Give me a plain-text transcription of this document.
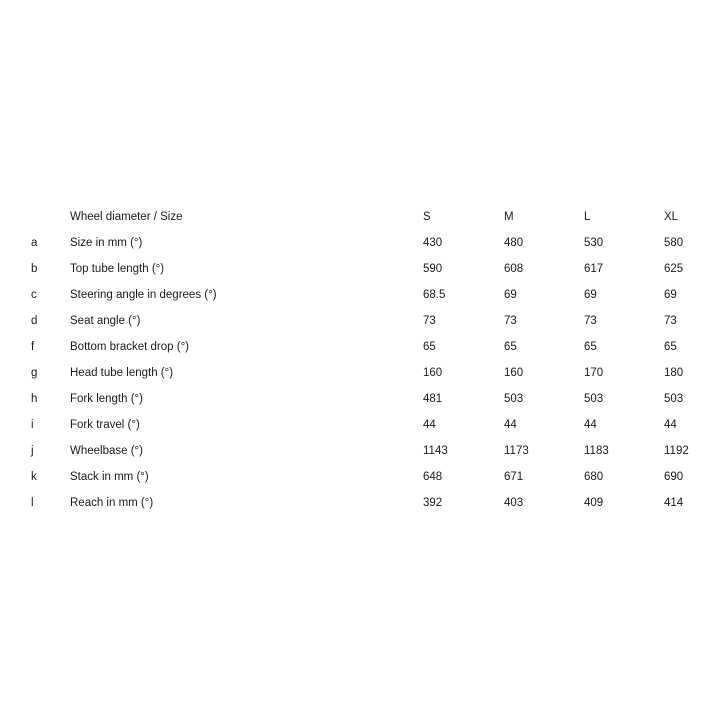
	Wheel diameter / Size	S	M	L	XL
a	Size in mm (°)	430	480	530	580
b	Top tube length (°)	590	608	617	625
c	Steering angle in degrees (°)	68.5	69	69	69
d	Seat angle (°)	73	73	73	73
f	Bottom bracket drop (°)	65	65	65	65
g	Head tube length (°)	160	160	170	180
h	Fork length (°)	481	503	503	503
i	Fork travel (°)	44	44	44	44
j	Wheelbase (°)	1143	1173	1183	1192
k	Stack in mm (°)	648	671	680	690
l	Reach in mm (°)	392	403	409	414
